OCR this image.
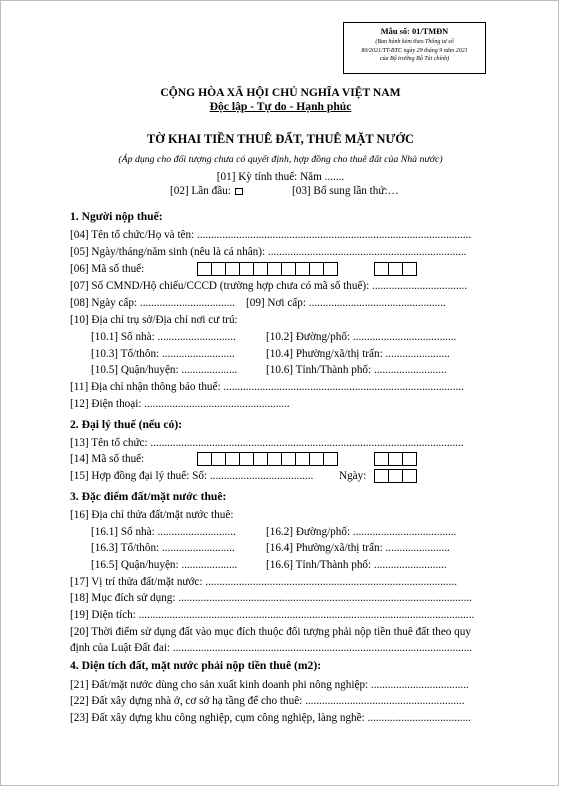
Mẫu số: 01/TMĐN
(Ban hành kèm theo Thông tư số
80/2021/TT-BTC ngày 29 tháng 9 năm 2021
của Bộ trưởng Bộ Tài chính)
CỘNG HÒA XÃ HỘI CHỦ NGHĨA VIỆT NAM
Độc lập - Tự do - Hạnh phúc
TỜ KHAI TIỀN THUÊ ĐẤT, THUÊ MẶT NƯỚC
(Áp dụng cho đối tượng chưa có quyết định, hợp đồng cho thuê đất của Nhà nước)
[01] Kỳ tính thuế: Năm .......
[02] Lần đầu:	[03] Bổ sung lần thứ:…
1. Người nộp thuế:
[04] Tên tổ chức/Họ và tên: ..................................................................................................
[05] Ngày/tháng/năm sinh (nêu là cá nhân): .......................................................................
[06] Mã số thuế:
[07] Số CMND/Hộ chiếu/CCCD (trường hợp chưa có mã số thuế): ..................................
[08] Ngày cấp: .................................. [09] Nơi cấp: .................................................
[10] Địa chỉ trụ sở/Địa chỉ nơi cư trú:
[10.1] Số nhà: ............................	[10.2] Đường/phố: .....................................
[10.3] Tổ/thôn: ..........................	[10.4] Phường/xã/thị trấn: .......................
[10.5] Quận/huyện: ....................	[10.6] Tỉnh/Thành phố: ..........................
[11] Địa chỉ nhận thông báo thuế: ......................................................................................
[12] Điện thoại: ....................................................
2. Đại lý thuế (nếu có):
[13] Tên tổ chức: ................................................................................................................
[14] Mã số thuế:
[15] Hợp đồng đại lý thuế: Số: ..................................... Ngày:
3. Đặc điểm đất/mặt nước thuê:
[16] Địa chỉ thửa đất/mặt nước thuê:
[16.1] Số nhà: ............................	[16.2] Đường/phố: .....................................
[16.3] Tổ/thôn: ..........................	[16.4] Phường/xã/thị trấn: .......................
[16.5] Quận/huyện: ....................	[16.6] Tỉnh/Thành phố: ..........................
[17] Vị trí thửa đất/mặt nước: ..........................................................................................
[18] Mục đích sử dụng: .........................................................................................................
[19] Diện tích: ........................................................................................................................
[20] Thời điểm sử dụng đất vào mục đích thuộc đối tượng phải nộp tiền thuê đất theo quy
định của Luật Đất đai: ...........................................................................................................
4. Diện tích đất, mặt nước phải nộp tiền thuê (m2):
[21] Đất/mặt nước dùng cho sản xuất kinh doanh phi nông nghiệp: ...................................
[22] Đất xây dựng nhà ở, cơ sở hạ tầng để cho thuê: .........................................................
[23] Đất xây dựng khu công nghiệp, cụm công nghiệp, làng nghề: .....................................
